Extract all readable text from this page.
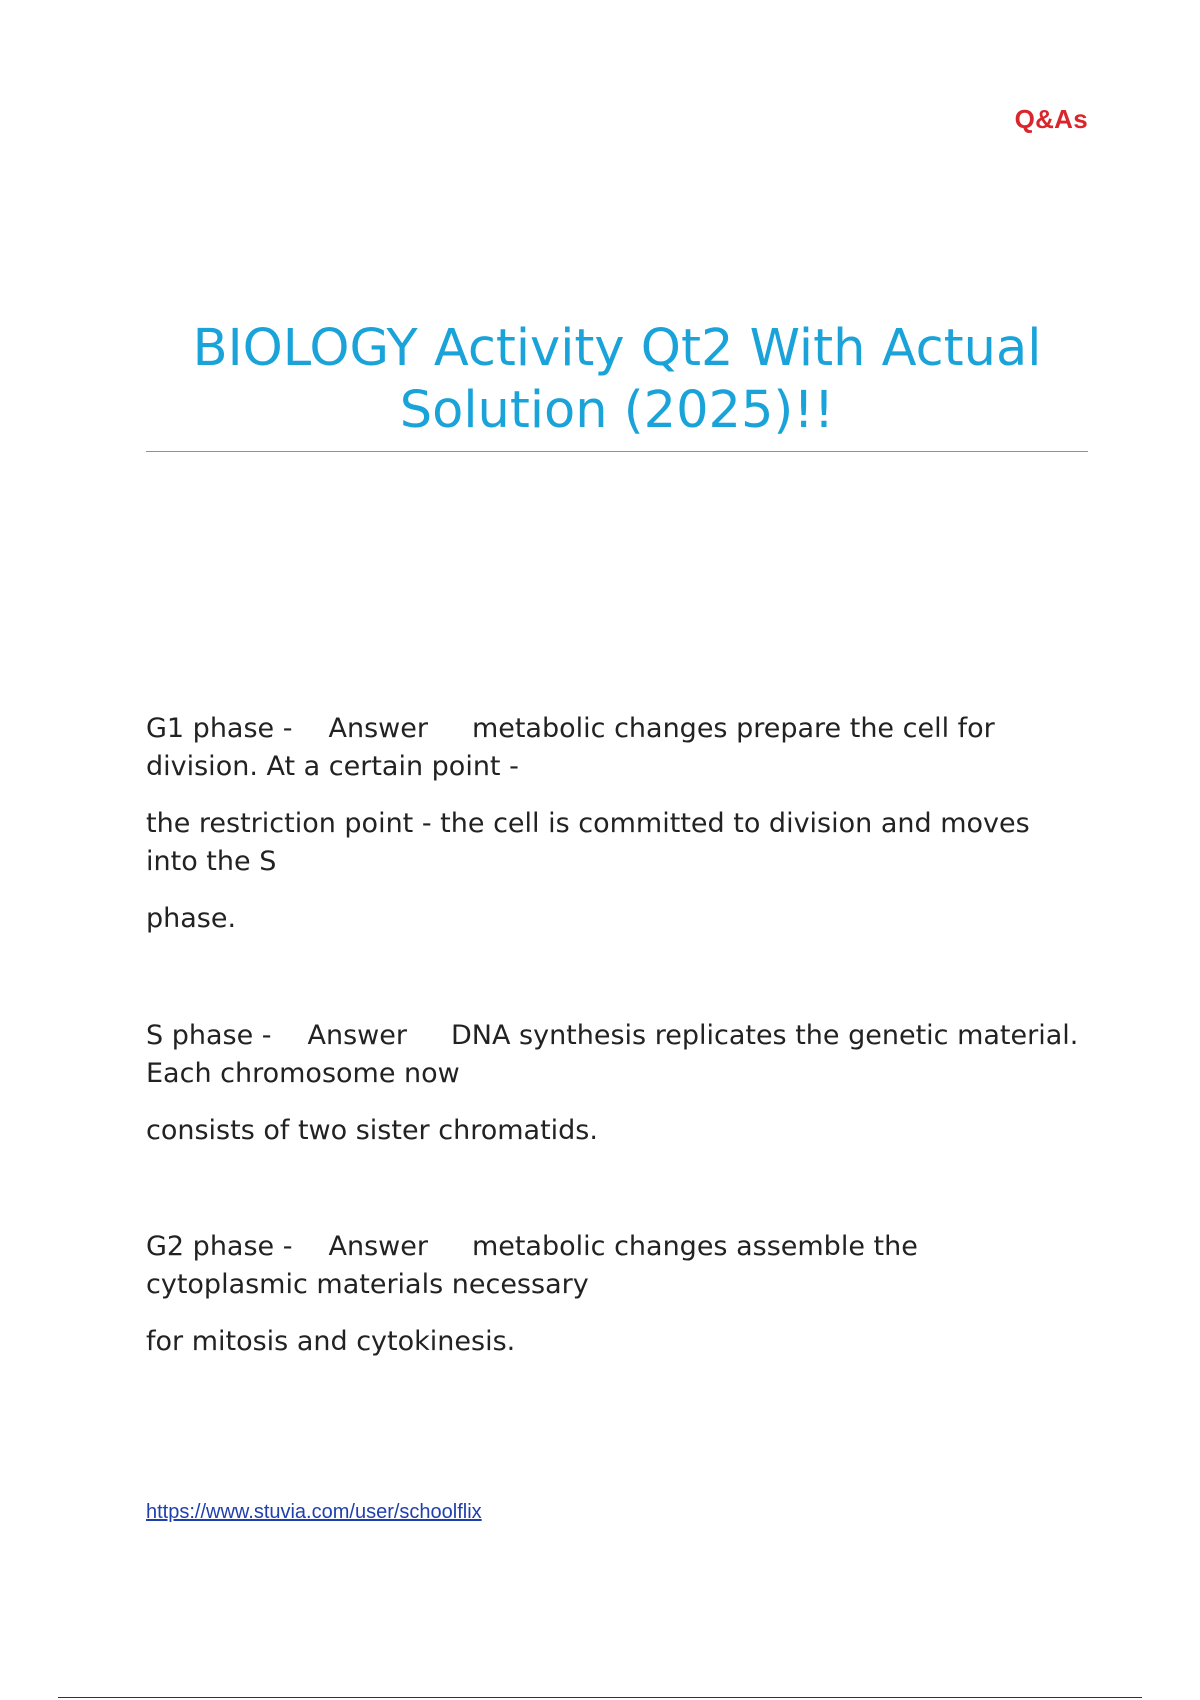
Q&As
BIOLOGY Activity Qt2 With Actual Solution (2025)!!

G1 phase - Answer metabolic changes prepare the cell for division. At a certain point -

the restriction point - the cell is committed to division and moves into the S

phase.

S phase - Answer DNA synthesis replicates the genetic material. Each chromosome now

consists of two sister chromatids.

G2 phase - Answer metabolic changes assemble the cytoplasmic materials necessary

for mitosis and cytokinesis.

https://www.stuvia.com/user/schoolflix
